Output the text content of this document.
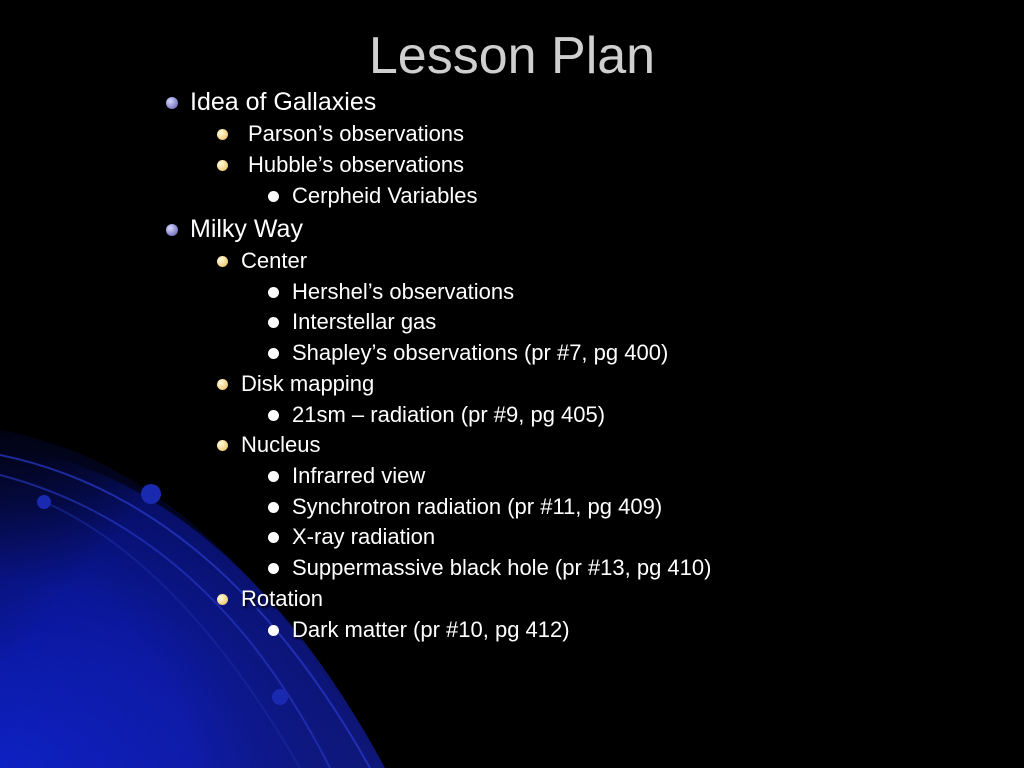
Lesson Plan
Idea of Gallaxies
Parson’s observations
Hubble’s observations
Cerpheid Variables
Milky Way
Center
Hershel’s observations
Interstellar gas
Shapley’s observations (pr #7, pg 400)
Disk mapping
21sm – radiation (pr #9, pg 405)
Nucleus
Infrarred view
Synchrotron radiation (pr #11, pg 409)
X-ray radiation
Suppermassive black hole (pr #13, pg 410)
Rotation
Dark matter (pr #10, pg 412)
